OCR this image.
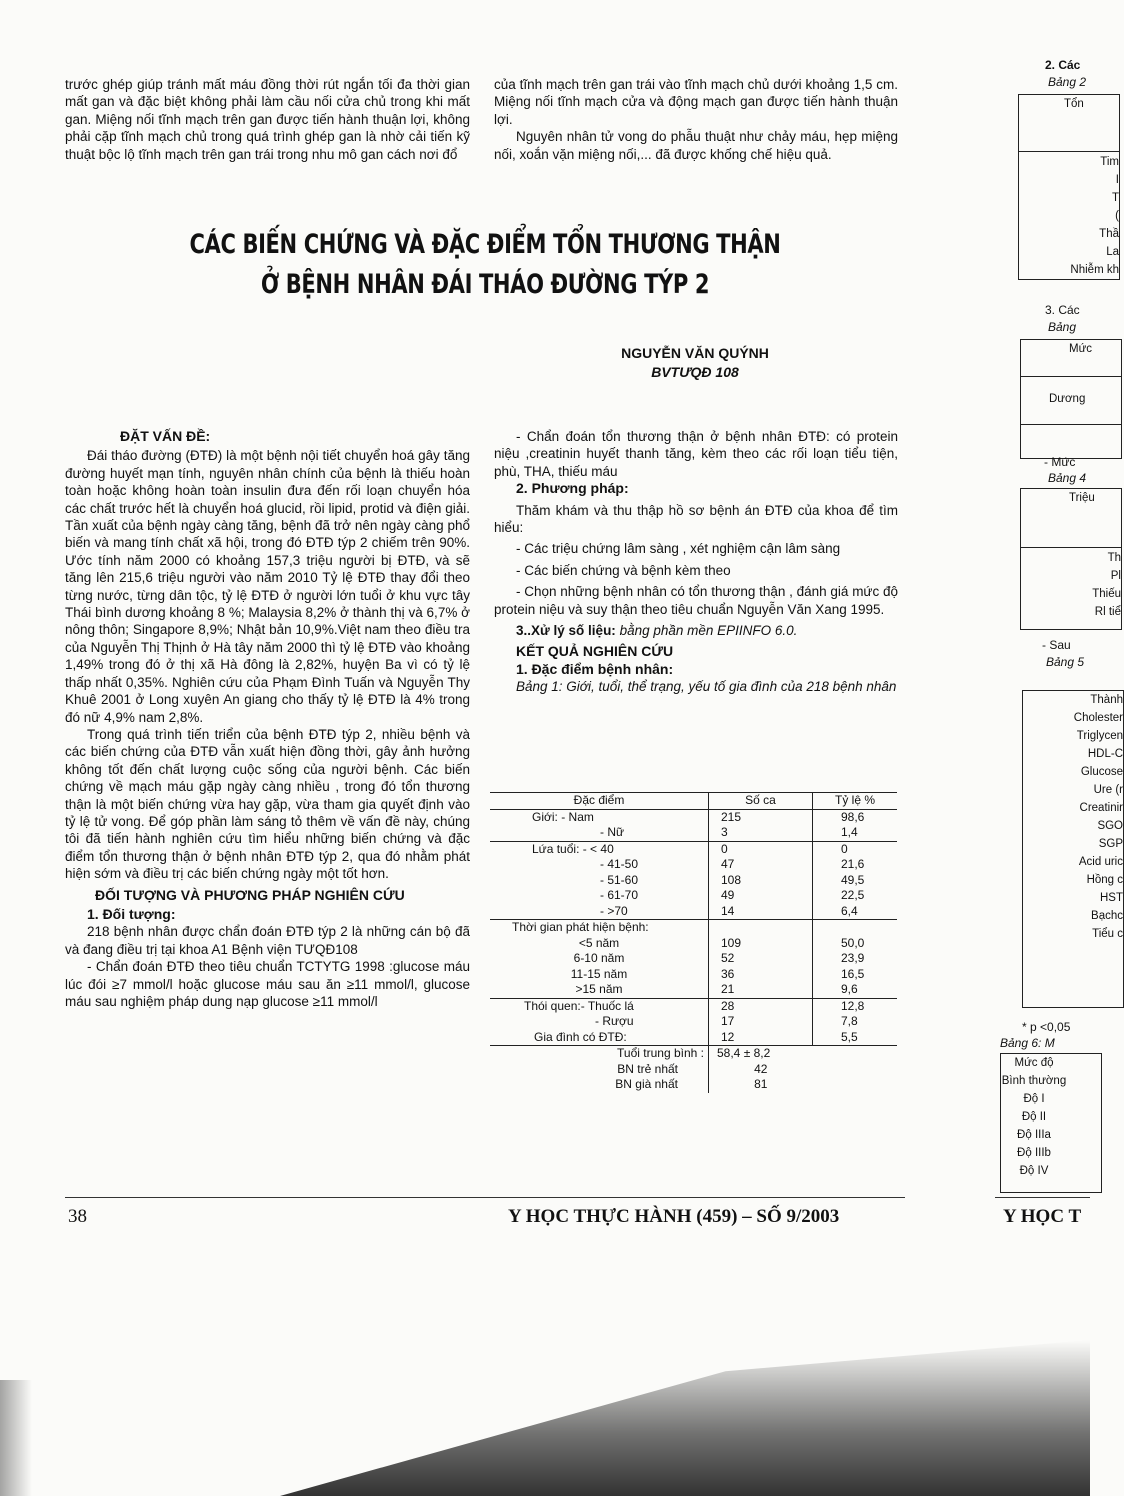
trước ghép giúp tránh mất máu đồng thời rút ngắn tối đa thời gian mất gan và đặc biệt không phải làm cầu nối cửa chủ trong khi mất gan. Miệng nối tĩnh mạch trên gan được tiến hành thuận lợi, không phải cặp tĩnh mạch chủ trong quá trình ghép gan là nhờ cải tiến kỹ thuật bộc lộ tĩnh mạch trên gan trái trong nhu mô gan cách nơi đổ

của tĩnh mạch trên gan trái vào tĩnh mạch chủ dưới khoảng 1,5 cm. Miệng nối tĩnh mạch cửa và động mạch gan được tiến hành thuận lợi.

Nguyên nhân tử vong do phẫu thuật như chảy máu, hẹp miệng nối, xoắn vặn miệng nối,... đã được khống chế hiệu quả.

CÁC BIẾN CHỨNG VÀ ĐẶC ĐIỂM TỔN THƯƠNG THẬN
Ở BỆNH NHÂN ĐÁI THÁO ĐƯỜNG TÝP 2
NGUYỄN VĂN QUÝNH
BVTƯQĐ 108

ĐẶT VẤN ĐỀ:

Đái tháo đường (ĐTĐ) là một bệnh nội tiết chuyển hoá gây tăng đường huyết mạn tính, nguyên nhân chính của bệnh là thiếu hoàn toàn hoặc không hoàn toàn insulin đưa đến rối loạn chuyển hóa các chất trước hết là chuyển hoá glucid, rồi lipid, protid và điện giải. Tần xuất của bệnh ngày càng tăng, bệnh đã trở nên ngày càng phổ biến và mang tính chất xã hội, trong đó ĐTĐ týp 2 chiếm trên 90%. Ước tính năm 2000 có khoảng 157,3 triệu người bị ĐTĐ, và sẽ tăng lên 215,6 triệu người vào năm 2010 Tỷ lệ ĐTĐ thay đổi theo từng nước, từng dân tộc, tỷ lệ ĐTĐ ở người lớn tuổi ở khu vực tây Thái bình dương khoảng 8 %; Malaysia 8,2% ở thành thị và 6,7% ở nông thôn; Singapore 8,9%; Nhật bản 10,9%.Việt nam theo điều tra của Nguyễn Thị Thịnh ở Hà tây năm 2000 thì tỷ lệ ĐTĐ vào khoảng 1,49% trong đó ở thị xã Hà đông là 2,82%, huyện Ba vì có tỷ lệ thấp nhất 0,35%. Nghiên cứu của Phạm Đình Tuấn và Nguyễn Thy Khuê 2001 ở Long xuyên An giang cho thấy tỷ lệ ĐTĐ là 4% trong đó nữ 4,9% nam 2,8%.

Trong quá trình tiến triển của bệnh ĐTĐ týp 2, nhiều bệnh và các biến chứng của ĐTĐ vẫn xuất hiện đồng thời, gây ảnh hưởng không tốt đến chất lượng cuộc sống của người bệnh. Các biến chứng về mạch máu gặp ngày càng nhiều , trong đó tổn thương thận là một biến chứng vừa hay gặp, vừa tham gia quyết định vào tỷ lệ tử vong. Để góp phần làm sáng tỏ thêm về vấn đề này, chúng tôi đã tiến hành nghiên cứu tìm hiểu những biến chứng và đặc điểm tổn thương thận ở bệnh nhân ĐTĐ týp 2, qua đó nhằm phát hiện sớm và điều trị các biến chứng ngày một tốt hơn.

ĐỐI TƯỢNG VÀ PHƯƠNG PHÁP NGHIÊN CỨU

1. Đối tượng:

218 bệnh nhân được chẩn đoán ĐTĐ týp 2 là những cán bộ đã và đang điều trị tại khoa A1 Bệnh viện TƯQĐ108

- Chẩn đoán ĐTĐ theo tiêu chuẩn TCTYTG 1998 :glucose máu lúc đói ≥7 mmol/l hoặc glucose máu sau ăn ≥11 mmol/l, glucose máu sau nghiệm pháp dung nạp glucose ≥11 mmol/l

- Chẩn đoán tổn thương thận ở bệnh nhân ĐTĐ: có protein niệu ,creatinin huyết thanh tăng, kèm theo các rối loạn tiểu tiện, phù, THA, thiếu máu

2. Phương pháp:

Thăm khám và thu thập hồ sơ bệnh án ĐTĐ của khoa để tìm hiểu:

- Các triệu chứng lâm sàng , xét nghiệm cận lâm sàng

- Các biến chứng và bệnh kèm theo

- Chọn những bệnh nhân có tổn thương thận , đánh giá mức độ protein niệu và suy thận theo tiêu chuẩn Nguyễn Văn Xang 1995.

3..Xử lý số liệu: bằng phần mền EPIINFO 6.0.

KẾT QUẢ NGHIÊN CỨU

1. Đặc điểm bệnh nhân:

Bảng 1: Giới, tuổi, thể trạng, yếu tố gia đình của 218 bệnh nhân

Đặc điểm	Số ca	Tỷ lệ %
Giới: - Nam	215	98,6
- Nữ	3	1,4
Lứa tuổi: - < 40	0	0
- 41-50	47	21,6
- 51-60	108	49,5
- 61-70	49	22,5
- >70	14	6,4
Thời gian phát hiện bệnh:		
<5 năm	109	50,0
6-10 năm	52	23,9
11-15 năm	36	16,5
>15 năm	21	9,6
Thói quen:- Thuốc lá	28	12,8
- Rượu	17	7,8
Gia đình có ĐTĐ:	12	5,5
Tuổi trung bình :	58,4 ± 8,2	
BN trẻ nhất	42	
BN già nhất	81	

38	Y HỌC THỰC HÀNH (459) – SỐ 9/2003	Y HỌC T
2. Các
Bảng 2
Tổn
Tim
I
T
(
Thầ
La
Nhiễm kh
3. Các
Bảng
Mức
Dương
- Mức
Bảng 4
Triệu
Th
Pl
Thiếu
Rl tiể
- Sau
Bảng 5
Thành
Cholester
Triglycen
HDL-C
Glucose
Ure (r
Creatinir
SGO
SGP
Acid uric
Hồng c
HST
Bạchc
Tiểu c
* p <0,05
Bảng 6: M
Mức độ
Bình thường
Độ I
Độ II
Độ IIIa
Độ IIIb
Độ IV
